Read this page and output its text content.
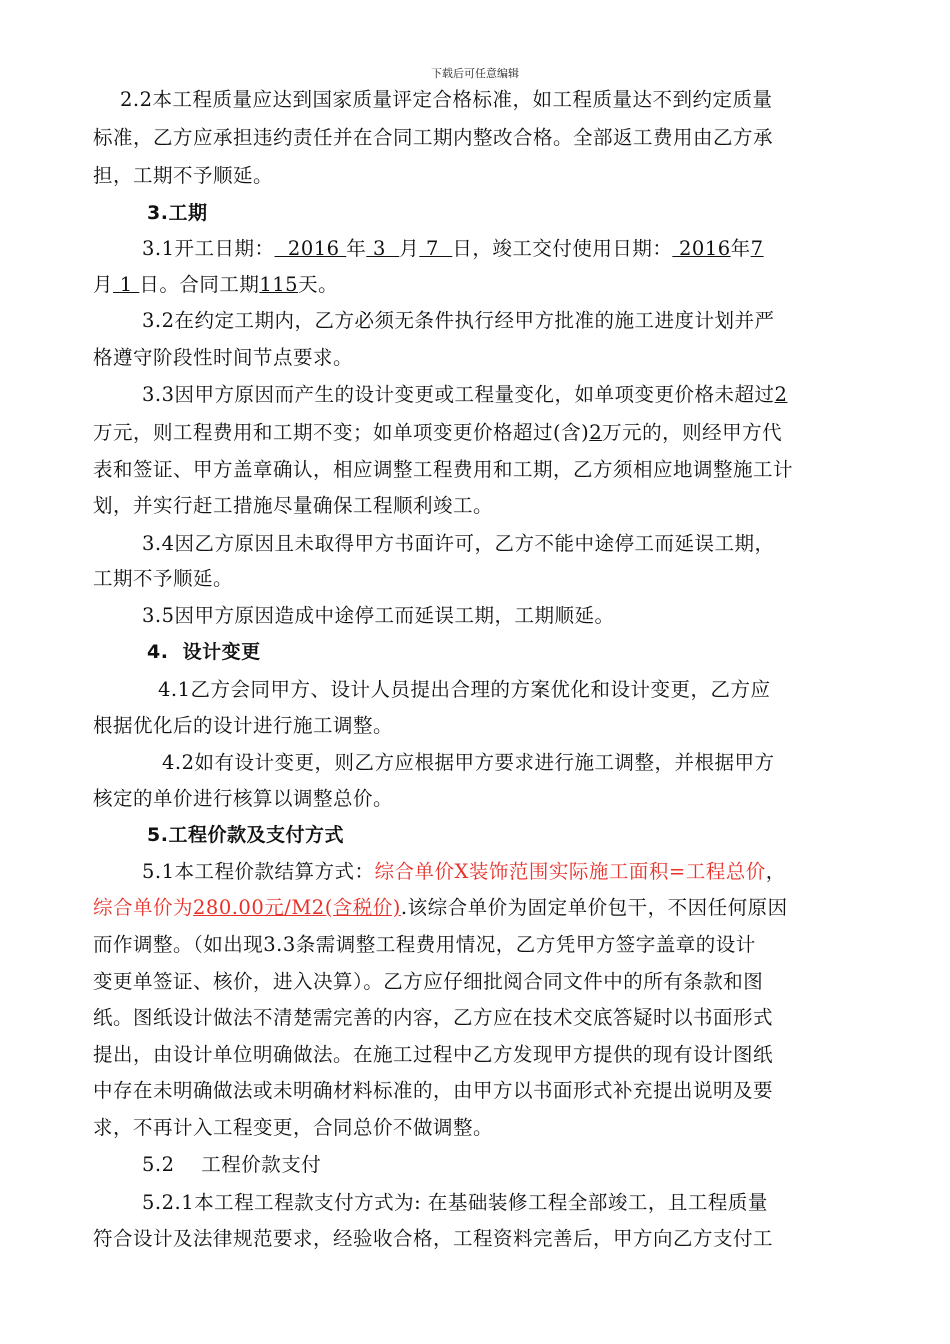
下载后可任意编辑
2.2本工程质量应达到国家质量评定合格标准，如工程质量达不到约定质量
标准，乙方应承担违约责任并在合同工期内整改合格。全部返工费用由乙方承
担，工期不予顺延。
3.工期
3.1开工日期：  2016 年 3  月 7  日，竣工交付使用日期： 2016年7
月 1 日。合同工期115天。
3.2在约定工期内，乙方必须无条件执行经甲方批准的施工进度计划并严
格遵守阶段性时间节点要求。
3.3因甲方原因而产生的设计变更或工程量变化，如单项变更价格未超过2
万元，则工程费用和工期不变；如单项变更价格超过(含)2万元的，则经甲方代
表和签证、甲方盖章确认，相应调整工程费用和工期，乙方须相应地调整施工计
划，并实行赶工措施尽量确保工程顺利竣工。
3.4因乙方原因且未取得甲方书面许可，乙方不能中途停工而延误工期，
工期不予顺延。
3.5因甲方原因造成中途停工而延误工期，工期顺延。
4.  设计变更
4.1乙方会同甲方、设计人员提出合理的方案优化和设计变更，乙方应
根据优化后的设计进行施工调整。
4.2如有设计变更，则乙方应根据甲方要求进行施工调整，并根据甲方
核定的单价进行核算以调整总价。
5.工程价款及支付方式
5.1本工程价款结算方式：综合单价X装饰范围实际施工面积=工程总价，
综合单价为280.00元/M2(含税价).该综合单价为固定单价包干，不因任何原因
而作调整。（如出现3.3条需调整工程费用情况，乙方凭甲方签字盖章的设计
变更单签证、核价，进入决算）。乙方应仔细批阅合同文件中的所有条款和图
纸。图纸设计做法不清楚需完善的内容，乙方应在技术交底答疑时以书面形式
提出，由设计单位明确做法。在施工过程中乙方发现甲方提供的现有设计图纸
中存在未明确做法或未明确材料标准的，由甲方以书面形式补充提出说明及要
求，不再计入工程变更，合同总价不做调整。
5.2    工程价款支付
5.2.1本工程工程款支付方式为: 在基础装修工程全部竣工，且工程质量
符合设计及法律规范要求，经验收合格，工程资料完善后，甲方向乙方支付工
